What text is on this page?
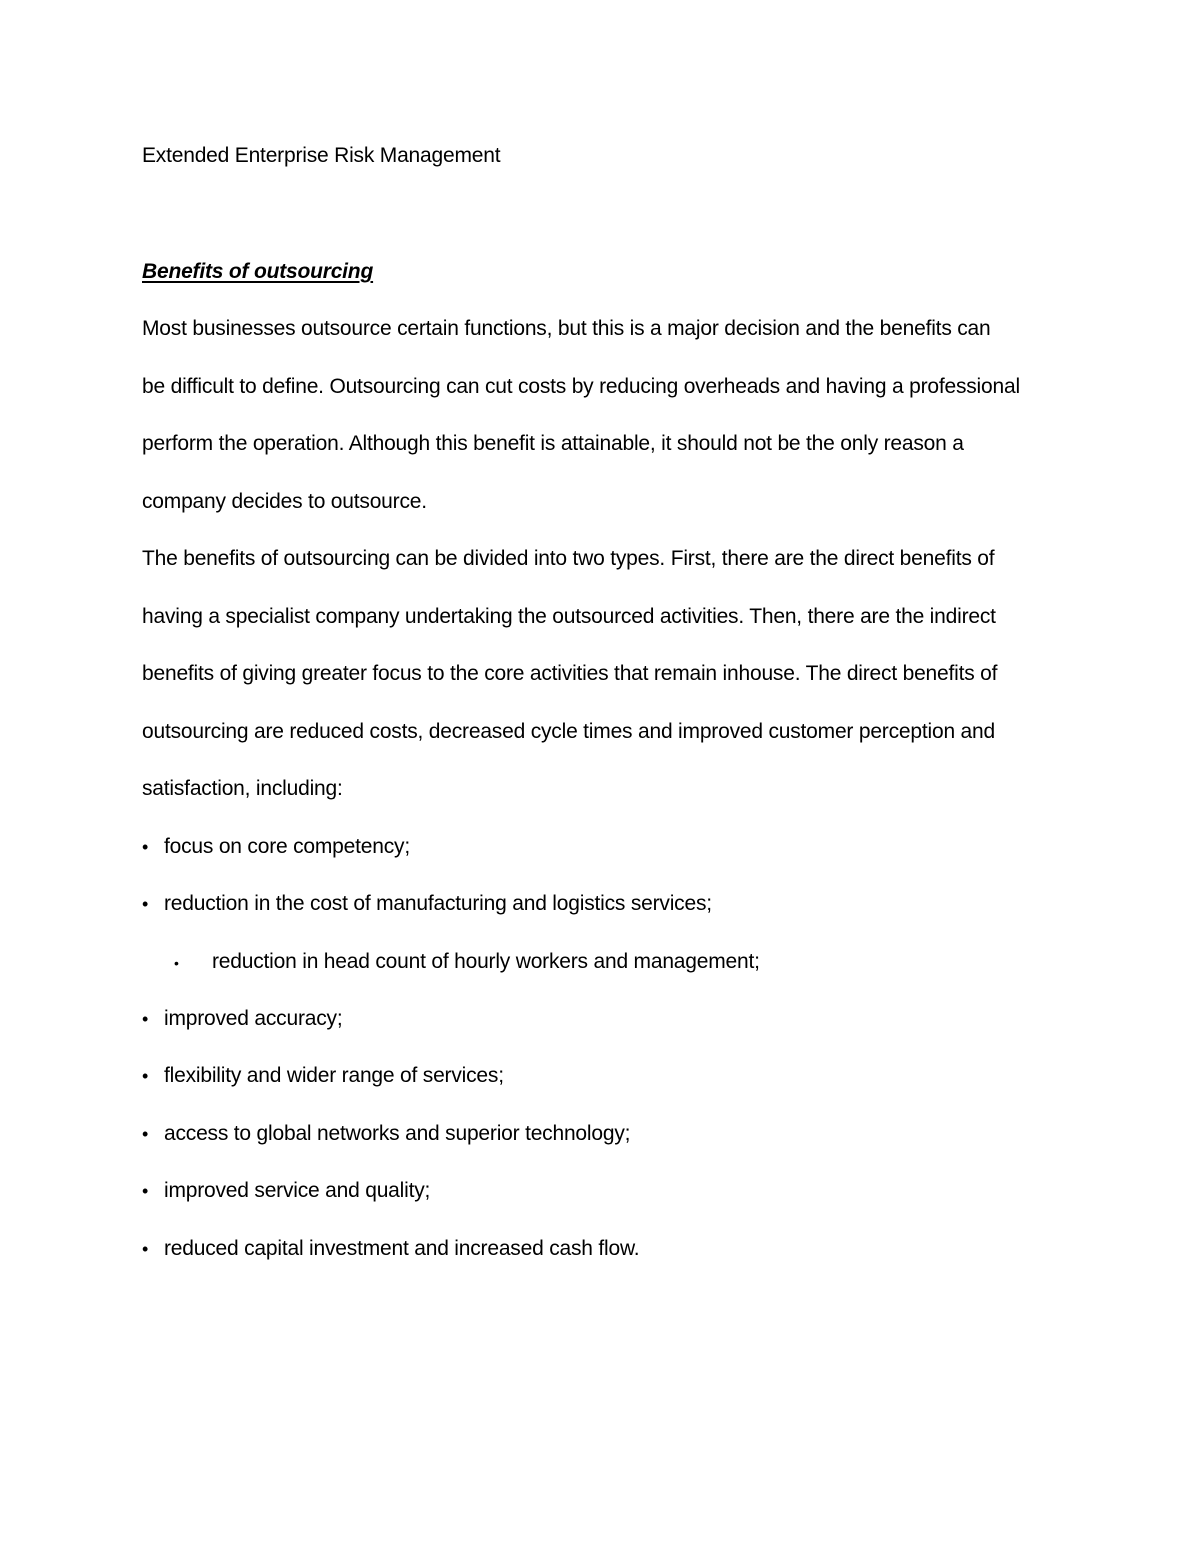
Extended Enterprise Risk Management
Benefits of outsourcing
Most businesses outsource certain functions, but this is a major decision and the benefits can
be difficult to define. Outsourcing can cut costs by reducing overheads and having a professional
perform the operation. Although this benefit is attainable, it should not be the only reason a
company decides to outsource.
The benefits of outsourcing can be divided into two types. First, there are the direct benefits of
having a specialist company undertaking the outsourced activities. Then, there are the indirect
benefits of giving greater focus to the core activities that remain inhouse. The direct benefits of
outsourcing are reduced costs, decreased cycle times and improved customer perception and
satisfaction, including:
• focus on core competency;
• reduction in the cost of manufacturing and logistics services;
• reduction in head count of hourly workers and management;
• improved accuracy;
• flexibility and wider range of services;
• access to global networks and superior technology;
• improved service and quality;
• reduced capital investment and increased cash flow.
